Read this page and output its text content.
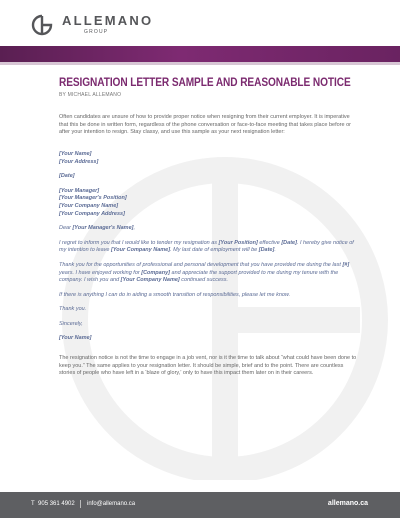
ALLEMANO
GROUP
RESIGNATION LETTER SAMPLE AND REASONABLE NOTICE
BY MICHAEL ALLEMANO

Often candidates are unsure of how to provide proper notice when resigning from their current employer. It is imperative that this be done in written form, regardless of the phone conversation or face-to-face meeting that takes place before or after your intention to resign. Stay classy, and use this sample as your next resignation letter:

[Your Name]
[Your Address]
[Date]
[Your Manager]
[Your Manager's Position]
[Your Company Name]
[Your Company Address]

Dear [Your Manager's Name],

I regret to inform you that I would like to tender my resignation as [Your Position] effective [Date]. I hereby give notice of my intention to leave [Your Company Name]. My last date of employment will be [Date].

Thank you for the opportunities of professional and personal development that you have provided me during the last [#] years. I have enjoyed working for [Company] and appreciate the support provided to me during my tenure with the company. I wish you and [Your Company Name] continued success.

If there is anything I can do in aiding a smooth transition of responsibilities, please let me know.

Thank you.

Sincerely,

[Your Name]

The resignation notice is not the time to engage in a job vent, nor is it the time to talk about “what could have been done to keep you.” The same applies to your resignation letter. It should be simple, brief and to the point. There are countless stories of people who have left in a ‘blaze of glory,’ only to have this impact them later on in their careers.

T 905 361 4902 info@allemano.ca	allemano.ca
